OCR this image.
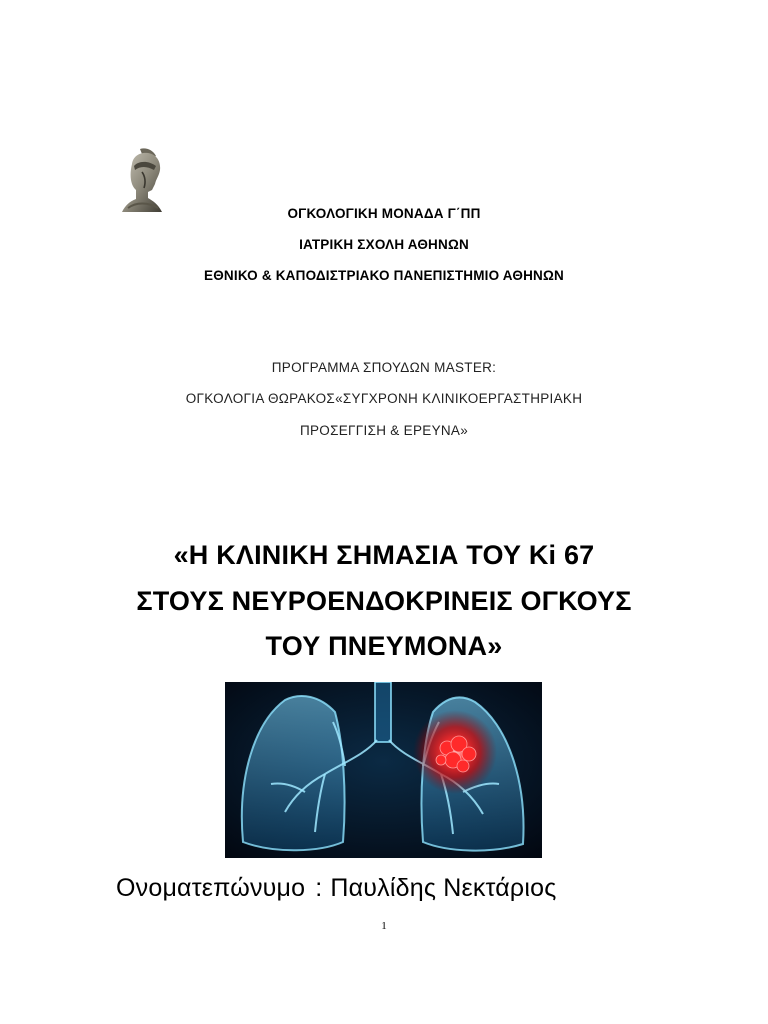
ΟΓΚΟΛΟΓΙΚΗ ΜΟΝΑΔΑ Γ΄ΠΠ
ΙΑΤΡΙΚΗ ΣΧΟΛΗ ΑΘΗΝΩΝ
ΕΘΝΙΚΟ & ΚΑΠΟΔΙΣΤΡΙΑΚΟ ΠΑΝΕΠΙΣΤΗΜΙΟ ΑΘΗΝΩΝ
ΠΡΟΓΡΑΜΜΑ ΣΠΟΥΔΩΝ MASTER:
ΟΓΚΟΛΟΓΙΑ ΘΩΡΑΚΟΣ«ΣΥΓΧΡΟΝΗ ΚΛΙΝΙΚΟΕΡΓΑΣΤΗΡΙΑΚΗ
ΠΡΟΣΕΓΓΙΣΗ & ΕΡΕΥΝΑ»
«Η ΚΛΙΝΙΚΗ ΣΗΜΑΣΙΑ ΤΟΥ Ki 67
ΣΤΟΥΣ ΝΕΥΡΟΕΝΔΟΚΡΙΝΕΙΣ ΟΓΚΟΥΣ
ΤΟΥ ΠΝΕΥΜΟΝΑ»
Ονοματεπώνυμο : Παυλίδης Νεκτάριος
1
